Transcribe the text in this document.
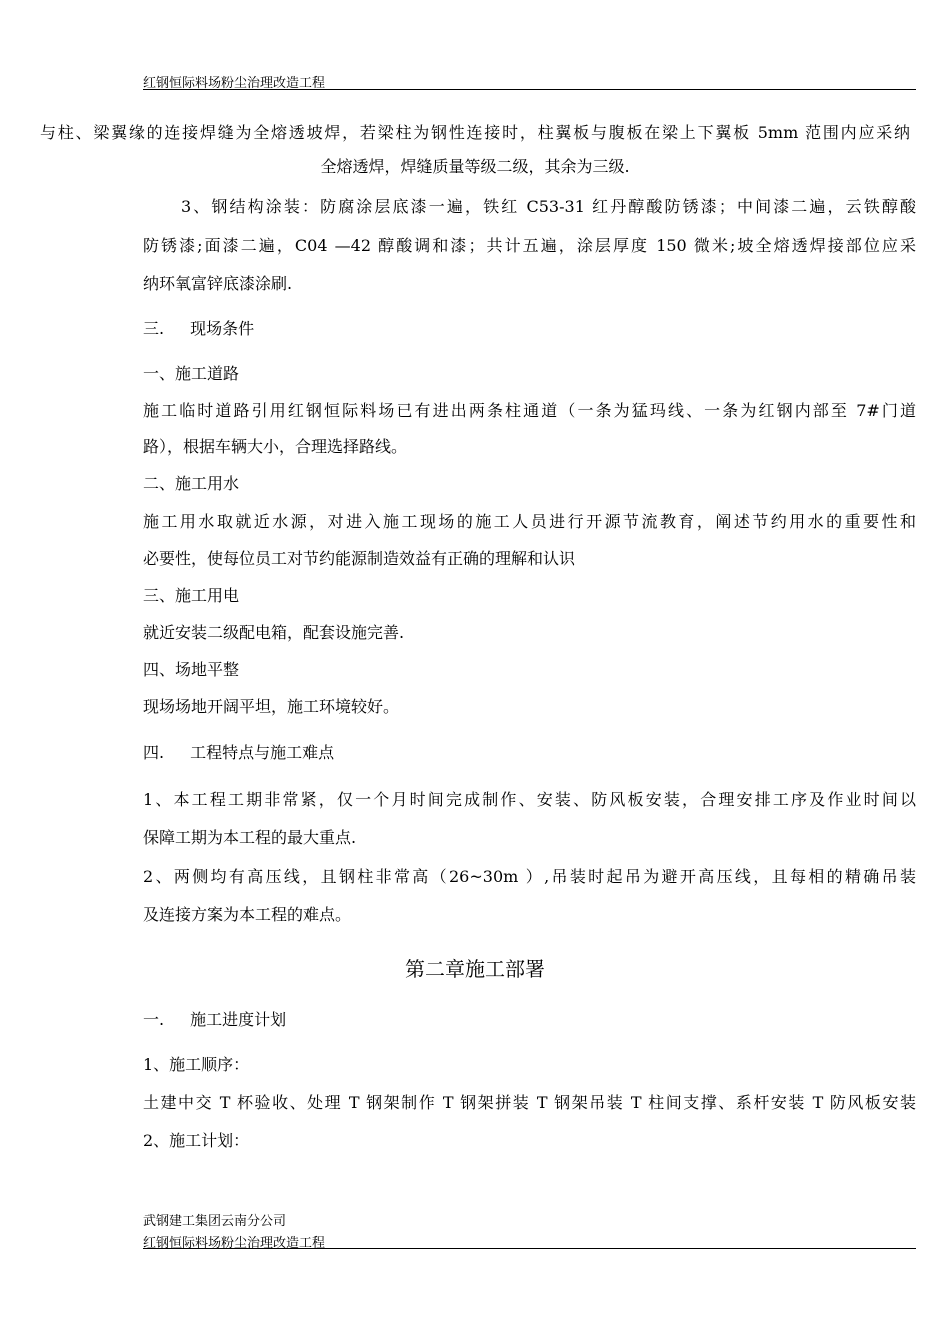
红钢恒际料场粉尘治理改造工程
与柱、梁翼缘的连接焊缝为全熔透坡焊，若梁柱为钢性连接时，柱翼板与腹板在梁上下翼板 5mm 范围内应采纳
全熔透焊，焊缝质量等级二级，其余为三级.
3、钢结构涂装：防腐涂层底漆一遍，铁红 C53-31 红丹醇酸防锈漆；中间漆二遍，云铁醇酸
防锈漆;面漆二遍，C04 —42 醇酸调和漆；共计五遍，涂层厚度 150 微米;坡全熔透焊接部位应采
纳环氧富锌底漆涂刷.
三. 现场条件
一、施工道路
施工临时道路引用红钢恒际料场已有进出两条柱通道（一条为猛玛线、一条为红钢内部至 7#门道
路），根据车辆大小，合理选择路线。
二、施工用水
施工用水取就近水源，对进入施工现场的施工人员进行开源节流教育，阐述节约用水的重要性和
必要性，使每位员工对节约能源制造效益有正确的理解和认识
三、施工用电
就近安装二级配电箱，配套设施完善.
四、场地平整
现场场地开阔平坦，施工环境较好。
四. 工程特点与施工难点
1、本工程工期非常紧，仅一个月时间完成制作、安装、防风板安装，合理安排工序及作业时间以
保障工期为本工程的最大重点.
2、两侧均有高压线，且钢柱非常高（26~30m ）,吊装时起吊为避开高压线，且每相的精确吊装
及连接方案为本工程的难点。
第二章施工部署
一. 施工进度计划
1、施工顺序：
土建中交 T 杯验收、处理 T 钢架制作 T 钢架拼装 T 钢架吊装 T 柱间支撑、系杆安装 T 防风板安装
2、施工计划：
武钢建工集团云南分公司
红钢恒际料场粉尘治理改造工程
